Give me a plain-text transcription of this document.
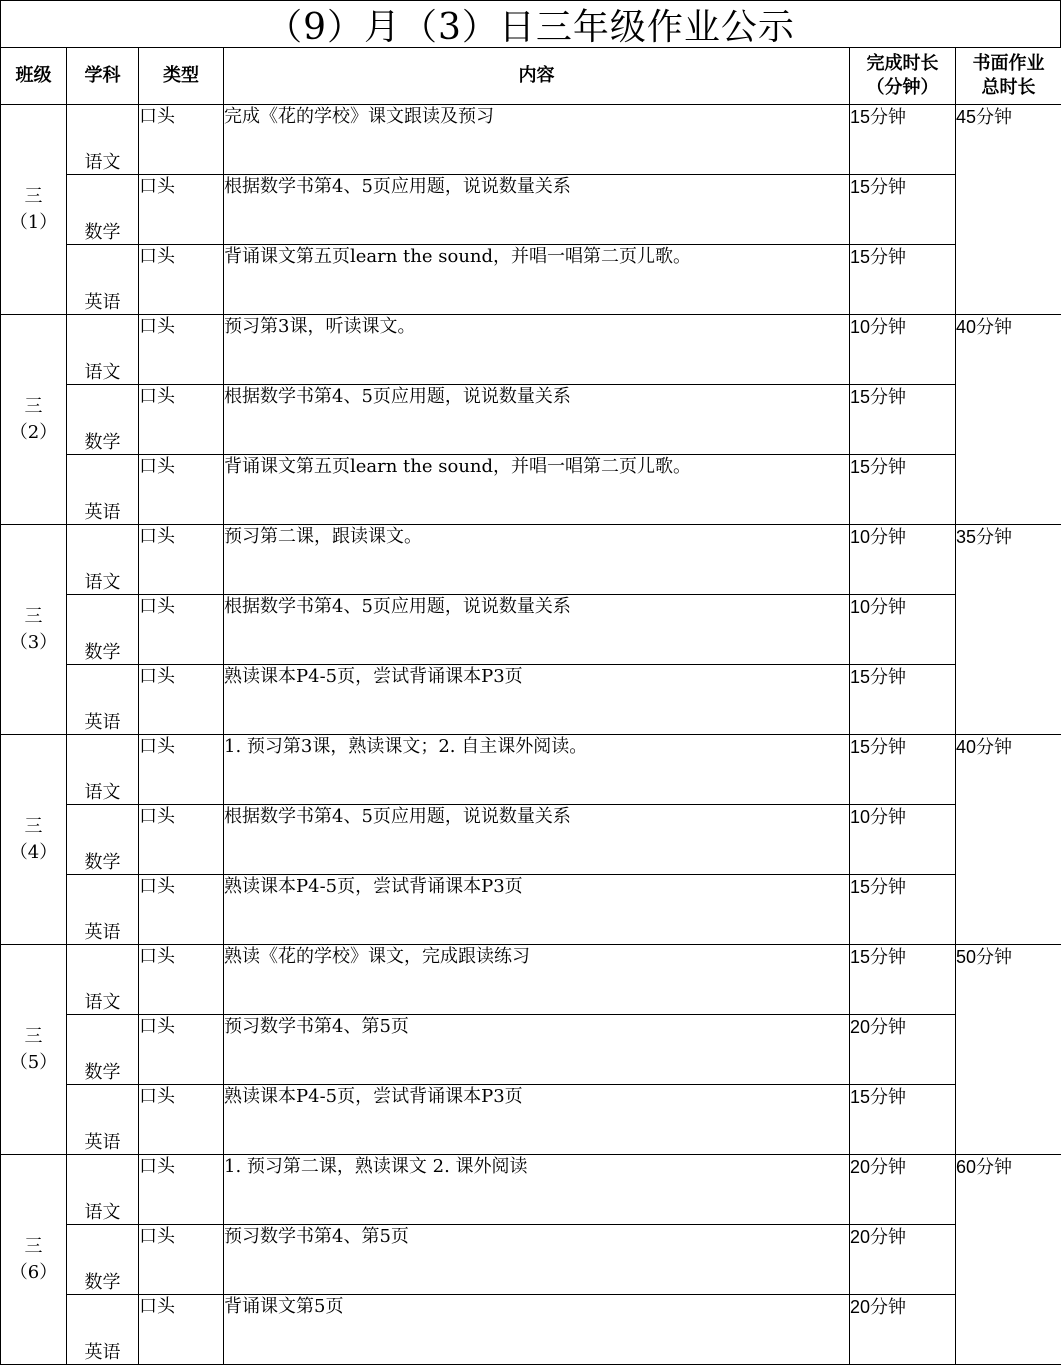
（9）月（3）日三年级作业公示
班级	学科	类型	内容	完成时长
（分钟）	书面作业
总时长

三
（1）	语文	口头	完成《花的学校》课文跟读及预习	15分钟	45分钟
	数学	口头	根据数学书第4、5页应用题，说说数量关系	15分钟	
	英语	口头	背诵课文第五页learn the sound，并唱一唱第二页儿歌。	15分钟	

三
（2）	语文	口头	预习第3课，听读课文。	10分钟	40分钟
	数学	口头	根据数学书第4、5页应用题，说说数量关系	15分钟	
	英语	口头	背诵课文第五页learn the sound，并唱一唱第二页儿歌。	15分钟	

三
（3）	语文	口头	预习第二课，跟读课文。	10分钟	35分钟
	数学	口头	根据数学书第4、5页应用题，说说数量关系	10分钟	
	英语	口头	熟读课本P4-5页，尝试背诵课本P3页	15分钟	

三
（4）	语文	口头	1. 预习第3课，熟读课文；2. 自主课外阅读。	15分钟	40分钟
	数学	口头	根据数学书第4、5页应用题，说说数量关系	10分钟	
	英语	口头	熟读课本P4-5页，尝试背诵课本P3页	15分钟	

三
（5）	语文	口头	熟读《花的学校》课文，完成跟读练习	15分钟	50分钟
	数学	口头	预习数学书第4、第5页	20分钟	
	英语	口头	熟读课本P4-5页，尝试背诵课本P3页	15分钟	

三
（6）	语文	口头	1. 预习第二课，熟读课文 2. 课外阅读	20分钟	60分钟
	数学	口头	预习数学书第4、第5页	20分钟	
	英语	口头	背诵课文第5页	20分钟	
